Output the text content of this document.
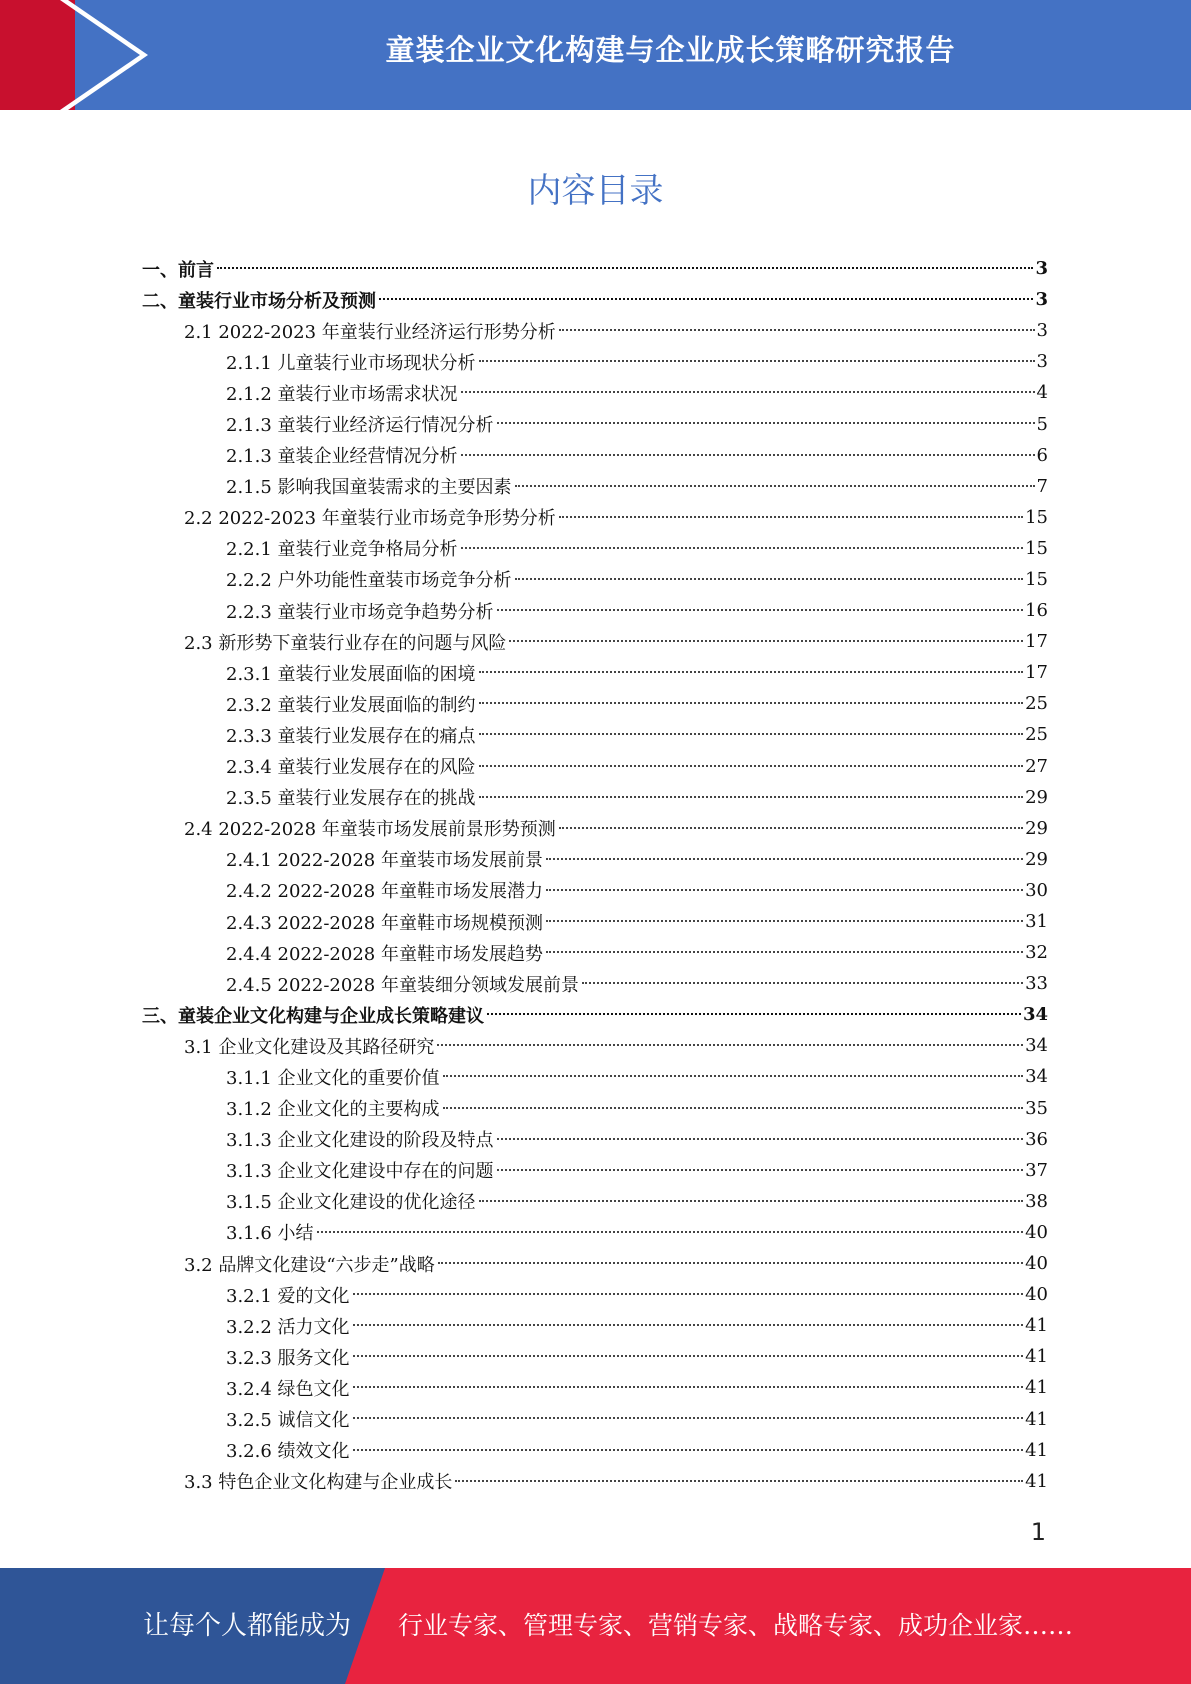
童装企业文化构建与企业成长策略研究报告
内容目录
一、前言	3
二、童装行业市场分析及预测	3
2.1 2022-2023 年童装行业经济运行形势分析	3
2.1.1 儿童装行业市场现状分析	3
2.1.2 童装行业市场需求状况	4
2.1.3 童装行业经济运行情况分析	5
2.1.3 童装企业经营情况分析	6
2.1.5 影响我国童装需求的主要因素	7
2.2 2022-2023 年童装行业市场竞争形势分析	15
2.2.1 童装行业竞争格局分析	15
2.2.2 户外功能性童装市场竞争分析	15
2.2.3 童装行业市场竞争趋势分析	16
2.3 新形势下童装行业存在的问题与风险	17
2.3.1 童装行业发展面临的困境	17
2.3.2 童装行业发展面临的制约	25
2.3.3 童装行业发展存在的痛点	25
2.3.4 童装行业发展存在的风险	27
2.3.5 童装行业发展存在的挑战	29
2.4 2022-2028 年童装市场发展前景形势预测	29
2.4.1 2022-2028 年童装市场发展前景	29
2.4.2 2022-2028 年童鞋市场发展潜力	30
2.4.3 2022-2028 年童鞋市场规模预测	31
2.4.4 2022-2028 年童鞋市场发展趋势	32
2.4.5 2022-2028 年童装细分领域发展前景	33
三、童装企业文化构建与企业成长策略建议	34
3.1 企业文化建设及其路径研究	34
3.1.1 企业文化的重要价值	34
3.1.2 企业文化的主要构成	35
3.1.3 企业文化建设的阶段及特点	36
3.1.3 企业文化建设中存在的问题	37
3.1.5 企业文化建设的优化途径	38
3.1.6 小结	40
3.2 品牌文化建设“六步走”战略	40
3.2.1 爱的文化	40
3.2.2 活力文化	41
3.2.3 服务文化	41
3.2.4 绿色文化	41
3.2.5 诚信文化	41
3.2.6 绩效文化	41
3.3 特色企业文化构建与企业成长	41
1
让每个人都能成为 行业专家、管理专家、营销专家、战略专家、成功企业家……
